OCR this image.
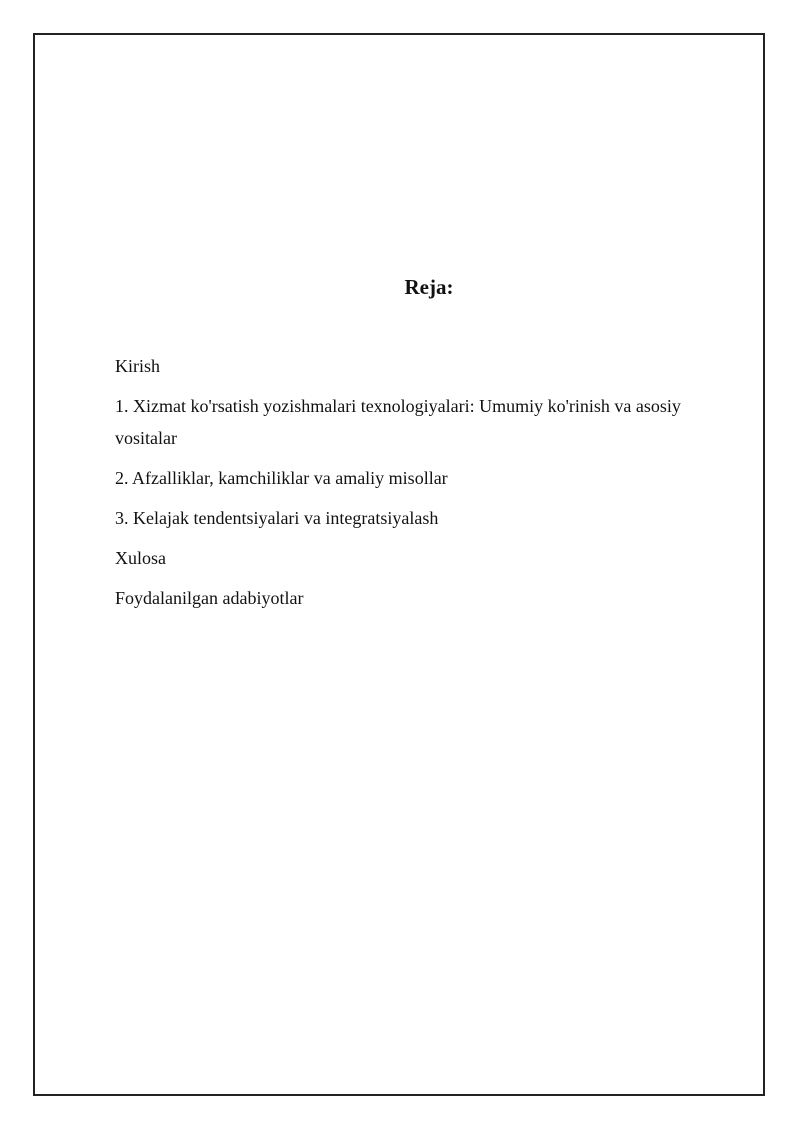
Reja:
Kirish
1. Xizmat ko'rsatish yozishmalari texnologiyalari: Umumiy ko'rinish va asosiy vositalar
2. Afzalliklar, kamchiliklar va amaliy misollar
3. Kelajak tendentsiyalari va integratsiyalash
Xulosa
Foydalanilgan adabiyotlar
